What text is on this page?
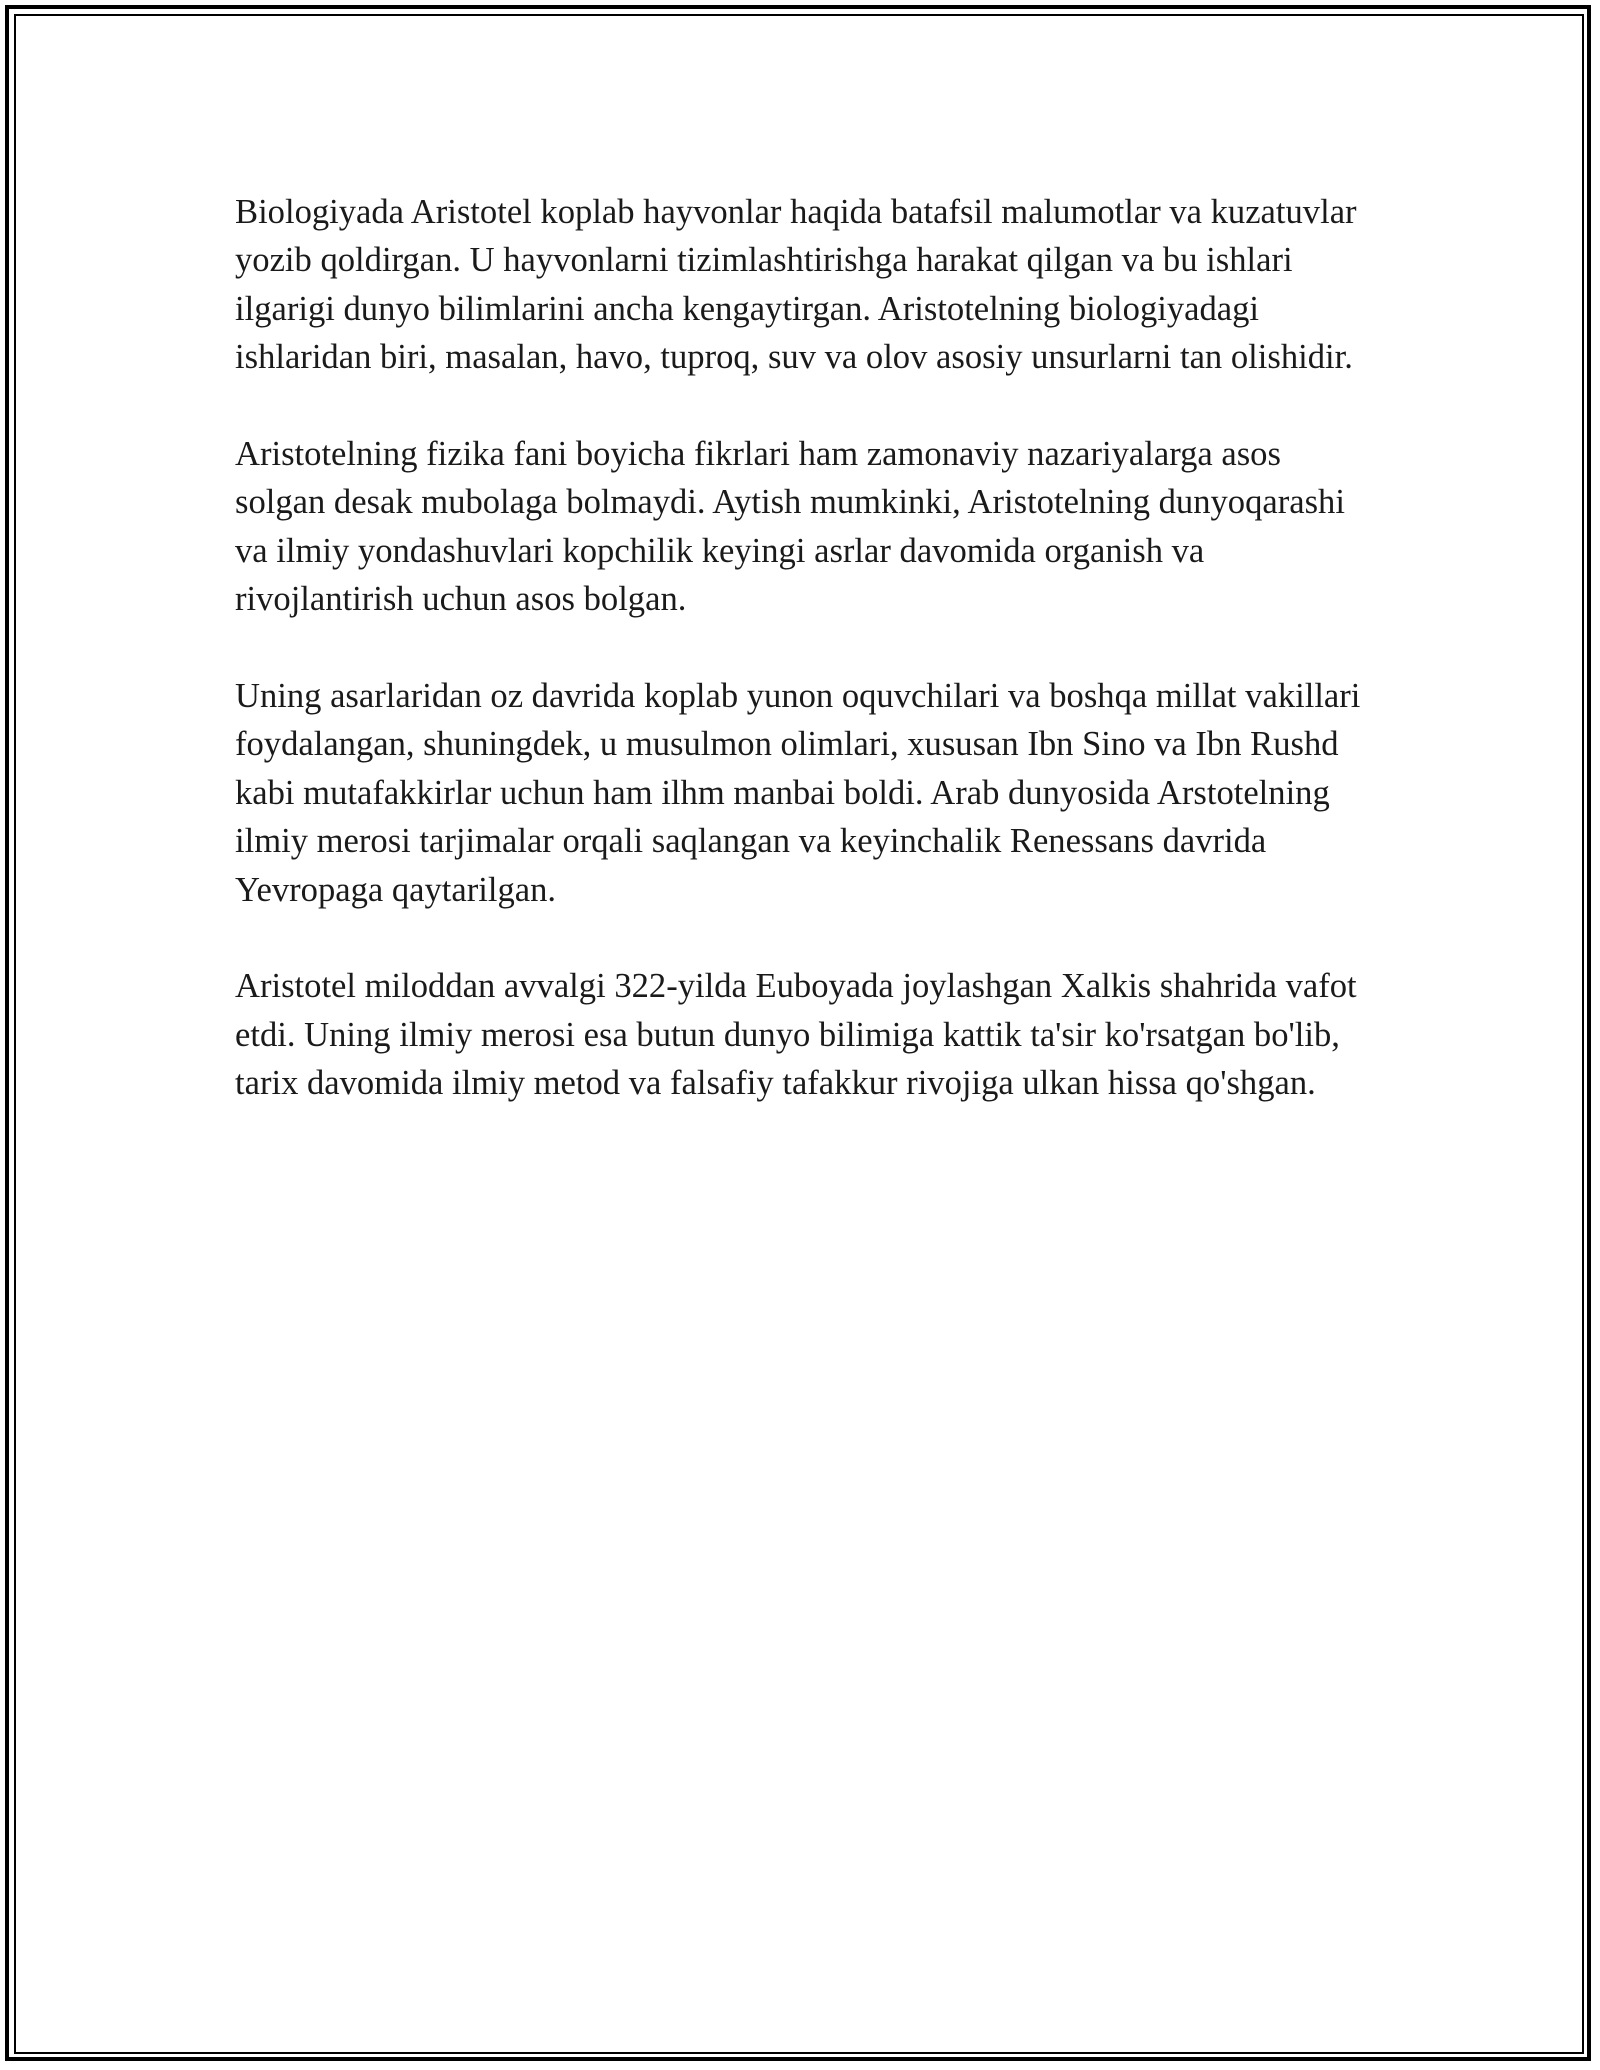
Biologiyada Aristotel koplab hayvonlar haqida batafsil malumotlar va kuzatuvlar yozib qoldirgan. U hayvonlarni tizimlashtirishga harakat qilgan va bu ishlari ilgarigi dunyo bilimlarini ancha kengaytirgan. Aristotelning biologiyadagi ishlaridan biri, masalan, havo, tuproq, suv va olov asosiy unsurlarni tan olishidir.

Aristotelning fizika fani boyicha fikrlari ham zamonaviy nazariyalarga asos solgan desak mubolaga bolmaydi. Aytish mumkinki, Aristotelning dunyoqarashi va ilmiy yondashuvlari kopchilik keyingi asrlar davomida organish va rivojlantirish uchun asos bolgan.

Uning asarlaridan oz davrida koplab yunon oquvchilari va boshqa millat vakillari foydalangan, shuningdek, u musulmon olimlari, xususan Ibn Sino va Ibn Rushd kabi mutafakkirlar uchun ham ilhm manbai boldi. Arab dunyosida Arstotelning ilmiy merosi tarjimalar orqali saqlangan va keyinchalik Renessans davrida Yevropaga qaytarilgan.

Aristotel miloddan avvalgi 322-yilda Euboyada joylashgan Xalkis shahrida vafot etdi. Uning ilmiy merosi esa butun dunyo bilimiga kattik ta'sir ko'rsatgan bo'lib, tarix davomida ilmiy metod va falsafiy tafakkur rivojiga ulkan hissa qo'shgan.
